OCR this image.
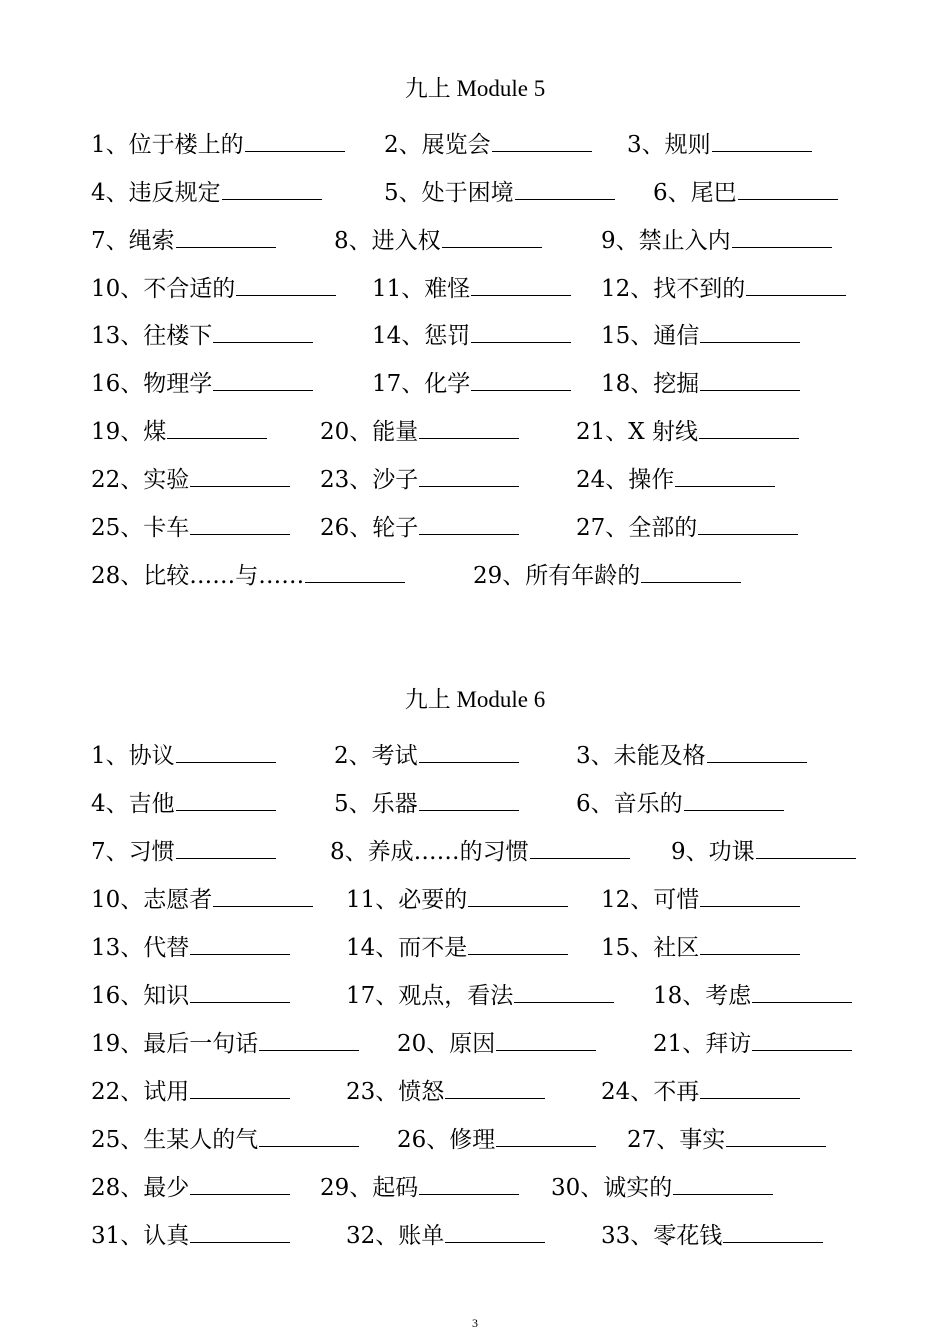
九上 Module 5
1、位于楼上的	2、展览会	3、规则
4、违反规定	5、处于困境	6、尾巴
7、绳索	8、进入权	9、禁止入内
10、不合适的	11、难怪	12、找不到的
13、往楼下	14、惩罚	15、通信
16、物理学	17、化学	18、挖掘
19、煤	20、能量	21、X 射线
22、实验	23、沙子	24、操作
25、卡车	26、轮子	27、全部的
28、比较……与……	29、所有年龄的
九上 Module 6
1、协议	2、考试	3、未能及格
4、吉他	5、乐器	6、音乐的
7、习惯	8、养成……的习惯	9、功课
10、志愿者	11、必要的	12、可惜
13、代替	14、而不是	15、社区
16、知识	17、观点，看法	18、考虑
19、最后一句话	20、原因	21、拜访
22、试用	23、愤怒	24、不再
25、生某人的气	26、修理	27、事实
28、最少	29、起码	30、诚实的
31、认真	32、账单	33、零花钱
3
